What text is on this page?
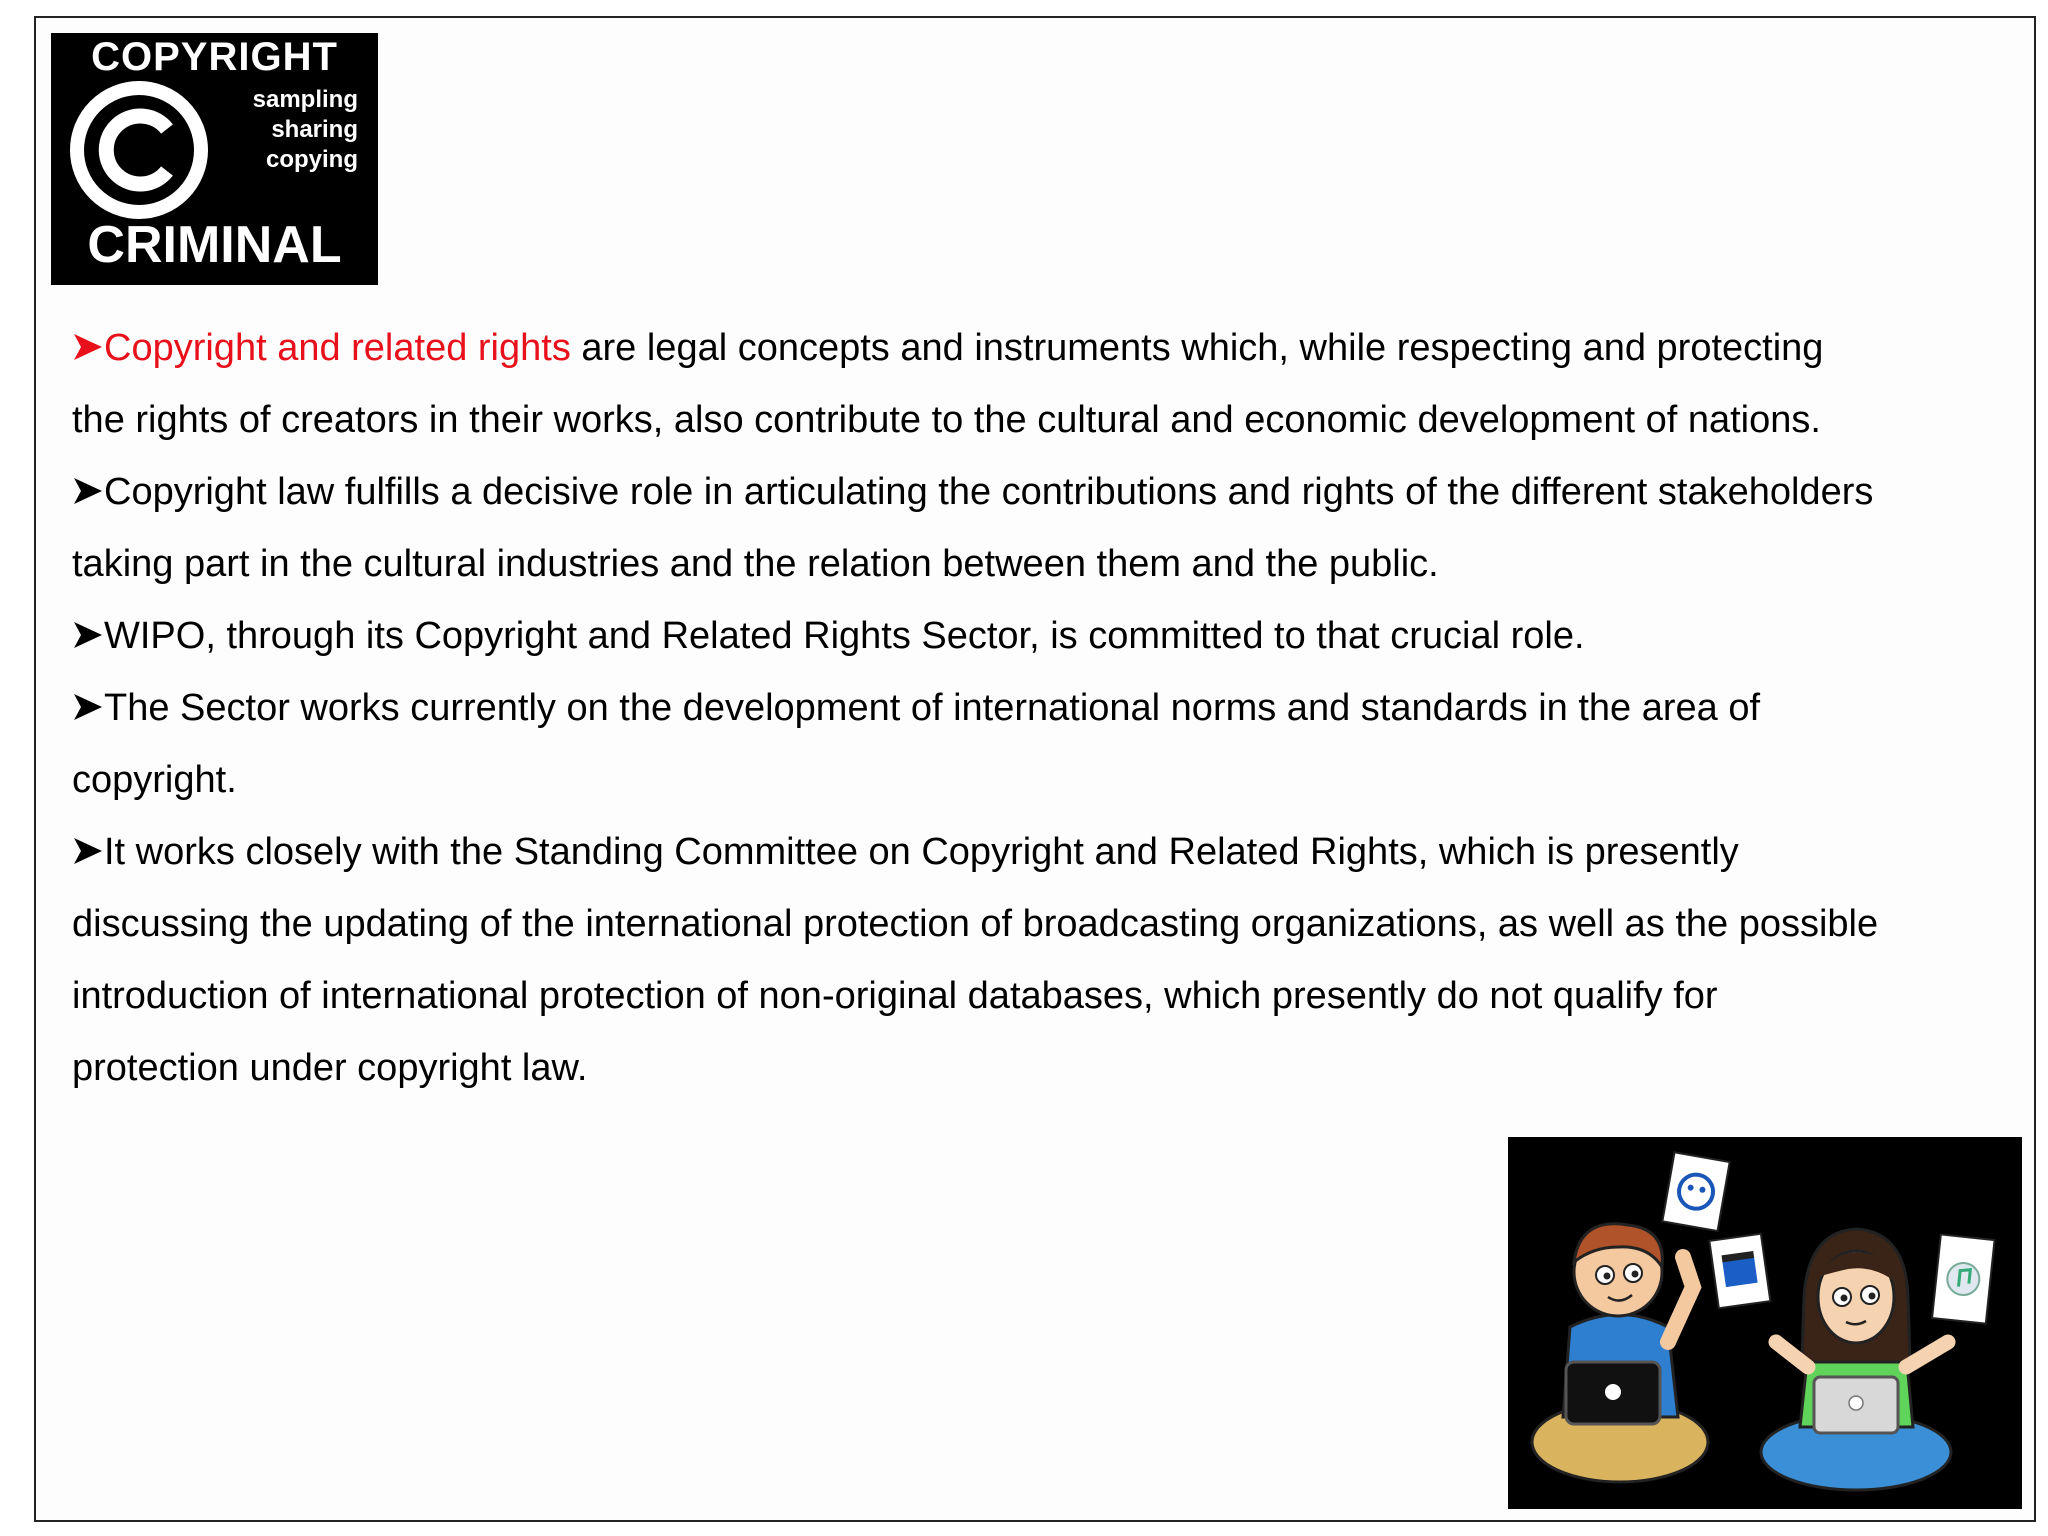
COPYRIGHT
sampling
sharing
copying
CRIMINAL
Copyright and related rights are legal concepts and instruments which, while respecting and protecting
the rights of creators in their works, also contribute to the cultural and economic development of nations.
Copyright law fulfills a decisive role in articulating the contributions and rights of the different stakeholders
taking part in the cultural industries and the relation between them and the public.
WIPO, through its Copyright and Related Rights Sector, is committed to that crucial role.
The Sector works currently on the development of international norms and standards in the area of
copyright.
It works closely with the Standing Committee on Copyright and Related Rights, which is presently
discussing the updating of the international protection of broadcasting organizations, as well as the possible
introduction of international protection of non-original databases, which presently do not qualify for
protection under copyright law.
